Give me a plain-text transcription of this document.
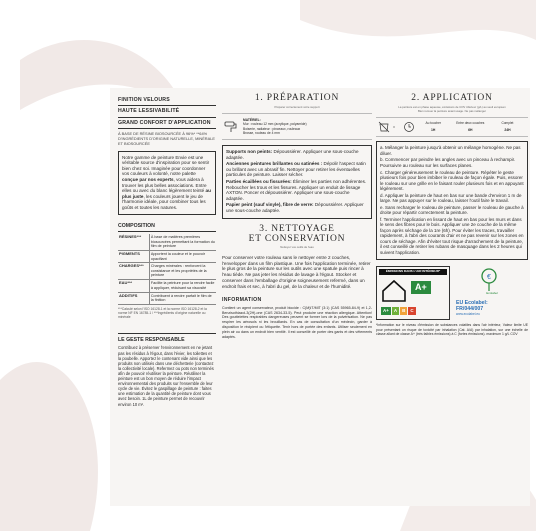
FINITION VELOURS
HAUTE LESSIVABILITÉ
GRAND CONFORT D'APPLICATION
À BASE DE RÉSINE BIOSOURCÉE À 96%* **64% D'INGRÉDIENTS D'ORIGINE NATURELLE, MINÉRALE ET BIOSOURCÉE
Notre gamme de peinture Envie est une véritable source d'inspiration pour se sentir bien chez soi. Imaginée pour coordonner vos couleurs à volonté, notre palette conçue par nos experts, vous aidera à trouver les plus belles associations. Entre elles ou avec du blanc légèrement teinté au plus juste, les couleurs jouent le jeu de l'harmonie idéale, pour combiner tous les goûts et toutes les natures.
COMPOSITION
RÉSINES***	À base de matières premières biosourcées permettant la formation du film de peinture
PIGMENTS	Apportent la couleur et le pouvoir opacifiant
CHARGES***	Charges minérales : renforcent la consistance et les propriétés de la peinture
EAU***	Facilite la peinture pour la rendre facile à appliquer, réduisant sa viscosité
ADDITIFS	Contribuent à rendre parfait le film de la finition
***Calculé selon l'ISO 16128-1 et la norme ISO 16128-2 et la norme NF EN 16785-1 / ***Ingrédients d'origine naturelle ou minérale
LE GESTE RESPONSABLE
Contribuez à préserver l'environnement en ne jetant pas les résidus à l'égout, dans l'évier, les toilettes et la poubelle. Apportez le contenant vide ainsi que les produits non utilisés dans une déchetterie (contactez la collectivité locale). Refermez ou pots non terminés afin de pouvoir réutiliser la peinture. Réutiliser la peinture est un bon moyen de réduire l'impact environnemental des produits sur l'ensemble de leur cycle de vie. Évitez le gaspillage de peinture : faites une estimation de la quantité de peinture dont vous avez besoin. 1L de peinture permet de recouvrir environ 10 m².
1. PRÉPARATION
Préparer correctement votre support
MATÉRIEL:
Mur : rouleau 12 mm (acrylique, polyamide)
Boiserie, radiateur : pinceaux, rouleaux
Brosse, rouleau de 4 mm

Supports non peints: Dépoussiérer. Appliquer une sous-couche adaptée.

Anciennes peintures brillantes ou satinées : Dépolir l'aspect satin ou brillant avec un abrasif fin. Nettoyer pour retirer les éventuelles particules de peinture. Laisser sécher.

Parties écaillées ou fissurées: Éliminer les parties non adhérentes. Reboucher les trous et les fissures. Appliquer un enduit de lissage AXTON. Poncer et dépoussiérer. Appliquer une sous-couche adaptée.

Papier peint (sauf vinyle), fibre de verre: Dépoussiérer. Appliquer une sous-couche adaptée.

3. NETTOYAGE
ET CONSERVATION
Nettoyer vos outils de l'eau
Pour conserver votre rouleau sans le nettoyer entre 2 couches, l'envelopper dans un film plastique. Une fois l'application terminée, retirer le plus gros de la peinture sur les outils avec une spatule puis rincer à l'eau tiède. Ne pas jeter les résidus de lavage à l'égout. Stocker et conserver dans l'emballage d'origine soigneusement refermé, dans un endroit frais et sec, à l'abri du gel, de la chaleur et de l'humidité.
INFORMATION
Contient un agent conservateur, produit biocide : C(M)IT/MIT (3:1) (CAS 55965-84-9) et 1,2-Benzisothiazol-3(2H)-one (CAS 2634-33-5). Peut produire une réaction allergique. Attention! Des gouttelettes respirables dangereuses peuvent se former lors de la pulvérisation. Ne pas respirer les aérosols ni les brouillards. En cas de consultation d'un médecin, garder à disposition le récipient ou l'étiquette. Tenir hors de portée des enfants. Utiliser seulement en plein air ou dans un endroit bien ventilé. Il est conseillé de porter des gants et des vêtements adaptés.
2. APPLICATION
La peinture est en phase aqueuse, émissions de COV inférieur (g/L) au seuil européen
Bien remuer la peinture avant usage. Ne pas mélanger
X
Au toucher
1H
Entre deux couches
6H
Complet
24H

a. Mélanger la peinture jusqu'à obtenir un mélange homogène. Ne pas diluer.

b. Commencer par peindre les angles avec un pinceau à rechampir. Poursuivre au rouleau sur les surfaces planes.

c. Charger généreusement le rouleau de peinture. Répéter le geste plusieurs fois pour bien imbiber le rouleau de façon égale. Puis, essorer le rouleau sur une grille en le faisant rouler plusieurs fois et en appuyant légèrement.

d. Appliquer la peinture de haut en bas sur une bande d'environ 1 m de large. Ne pas appuyer sur le rouleau, laisser l'outil faire le travail.

e. Sans recharger le rouleau de peinture, passer le rouleau de gauche à droite pour répartir correctement la peinture.

f. Terminer l'application en lissant de haut en bas pour les murs et dans le sens des fibres pour le bois. Appliquer une 2e couche de la même façon après séchage de la 1re (6h). Pour éviter les traces, travailler rapidement, à l'abri des courants d'air et ne pas revenir sur les zones en cours de séchage. Afin d'éviter tout risque d'arrachement de la peinture, il est conseillé de retirer les rubans de masquage dans les 2 heures qui suivent l'application.

ÉMISSIONS DANS L'AIR INTÉRIEUR*
A+
A+	A	B	C
€
Ecolabel
EU Ecolabel:
FR/044/007
www.ecolabel.eu
*Information sur le niveau d'émission de substances volatiles dans l'air intérieur, Valeur limite UE pour présentant un risque de toxicité par inhalation (Cat. A/A) par inhalation, sur une échelle de classe allant de classe A+ (très faibles émissions) à C (fortes émissions). maximum 1 g/L COV
